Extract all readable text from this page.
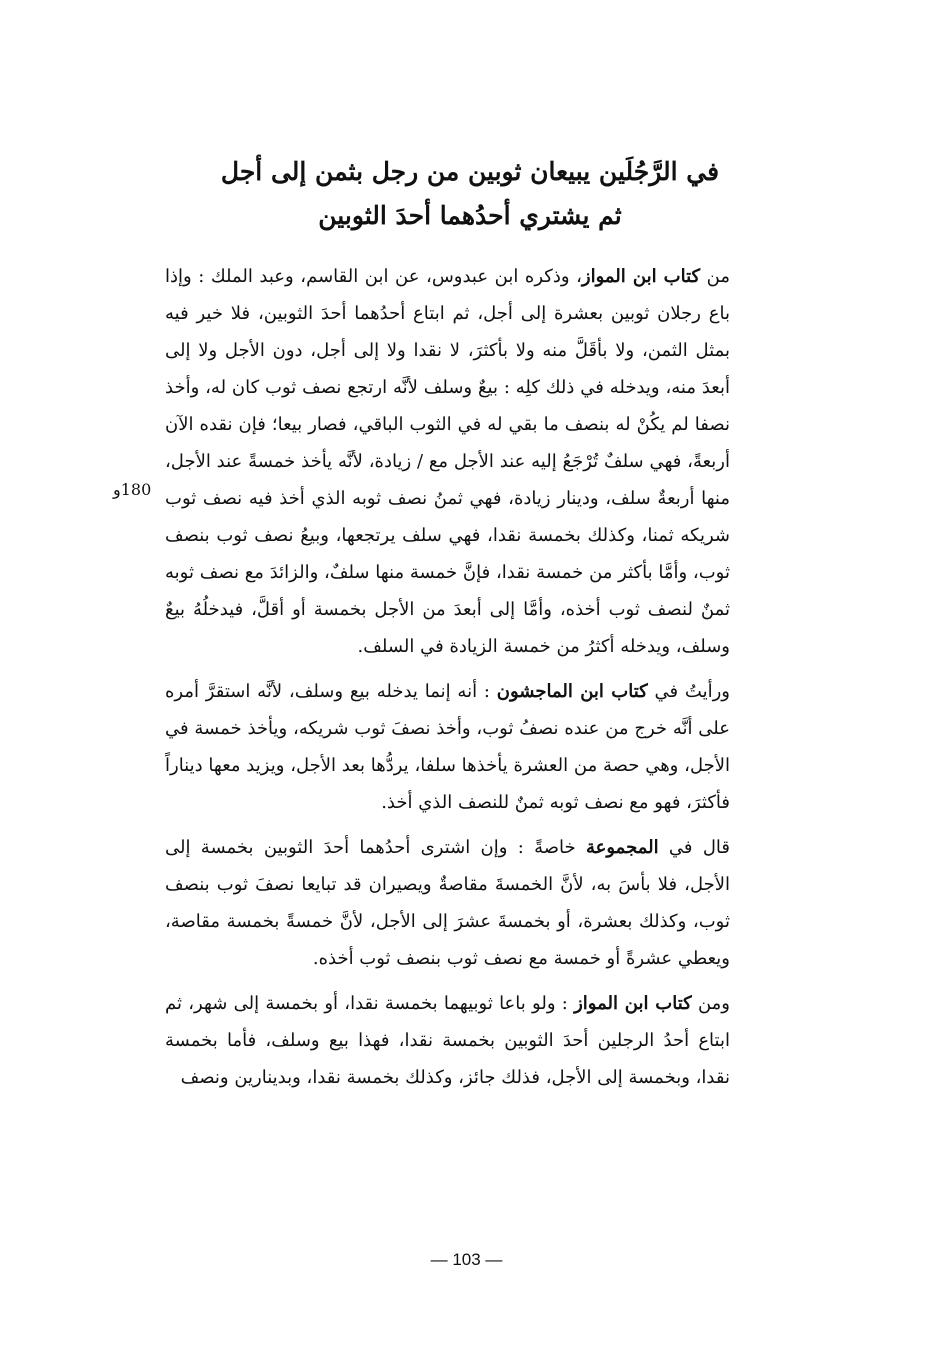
في الرَّجُلَين يبيعان ثوبين من رجل بثمن إلى أجل
ثم يشتري أحدُهما أحدَ الثوبين

من كتاب ابن المواز، وذكره ابن عبدوس، عن ابن القاسم، وعبد الملك : وإذا باع رجلان ثوبين بعشرة إلى أجل، ثم ابتاع أحدُهما أحدَ الثوبين، فلا خير فيه بمثل الثمن، ولا بأقَلَّ منه ولا بأكثرَ، لا نقدا ولا إلى أجل، دون الأجل ولا إلى أبعدَ منه، ويدخله في ذلك كلِه : بيعٌ وسلف لأنَّه ارتجع نصف ثوب كان له، وأخذ نصفا لم يكُنْ له بنصف ما بقي له في الثوب الباقي، فصار بيعا؛ فإن نقده الآن أربعةً، فهي سلفٌ تُرْجَعُ إليه عند الأجل مع / زيادة، لأنَّه يأخذ خمسةً عند الأجل، منها أربعةٌ سلف، ودينار زيادة، فهي ثمنُ نصف ثوبه الذي أخذ فيه نصف ثوب شريكه ثمنا، وكذلك بخمسة نقدا، فهي سلف يرتجعها، وبيعُ نصف ثوب بنصف ثوب، وأمَّا بأكثر من خمسة نقدا، فإنَّ خمسة منها سلفٌ، والزائدَ مع نصف ثوبه ثمنٌ لنصف ثوب أخذه، وأمَّا إلى أبعدَ من الأجل بخمسة أو أقلَّ، فيدخلُهُ بيعٌ وسلف، ويدخله أكثرُ من خمسة الزيادة في السلف.

ورأيتُ في كتاب ابن الماجشون : أنه إنما يدخله بيع وسلف، لأنَّه استقرَّ أمره على أنَّه خرج من عنده نصفُ ثوب، وأخذ نصفَ ثوب شريكه، ويأخذ خمسة في الأجل، وهي حصة من العشرة يأخذها سلفا، يردُّها بعد الأجل، ويزيد معها ديناراً فأكثرَ، فهو مع نصف ثوبه ثمنٌ للنصف الذي أخذ.

قال في المجموعة خاصةً : وإن اشترى أحدُهما أحدَ الثوبين بخمسة إلى الأجل، فلا بأسَ به، لأنَّ الخمسةَ مقاصةٌ ويصيران قد تبايعا نصفَ ثوب بنصف ثوب، وكذلك بعشرة، أو بخمسةَ عشرَ إلى الأجل، لأنَّ خمسةً بخمسة مقاصة، ويعطي عشرةً أو خمسة مع نصف ثوب بنصف ثوب أخذه.

ومن كتاب ابن المواز : ولو باعا ثوبيهما بخمسة نقدا، أو بخمسة إلى شهر، ثم ابتاع أحدُ الرجلين أحدَ الثوبين بخمسة نقدا، فهذا بيع وسلف، فأما بخمسة نقدا، وبخمسة إلى الأجل، فذلك جائز، وكذلك بخمسة نقدا، وبدينارين ونصف

180و
— 103 —
